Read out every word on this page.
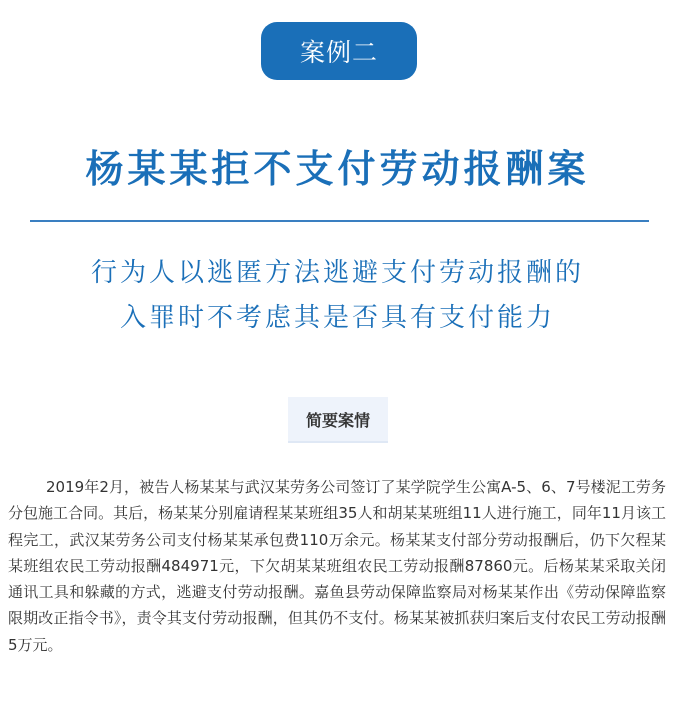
案例二
杨某某拒不支付劳动报酬案
行为人以逃匿方法逃避支付劳动报酬的
入罪时不考虑其是否具有支付能力
简要案情

2019年2月，被告人杨某某与武汉某劳务公司签订了某学院学生公寓A-5、6、7号楼泥工劳务分包施工合同。其后，杨某某分别雇请程某某班组35人和胡某某班组11人进行施工，同年11月该工程完工，武汉某劳务公司支付杨某某承包费110万余元。杨某某支付部分劳动报酬后，仍下欠程某某班组农民工劳动报酬484971元，下欠胡某某班组农民工劳动报酬87860元。后杨某某采取关闭通讯工具和躲藏的方式，逃避支付劳动报酬。嘉鱼县劳动保障监察局对杨某某作出《劳动保障监察限期改正指令书》，责令其支付劳动报酬，但其仍不支付。杨某某被抓获归案后支付农民工劳动报酬5万元。
